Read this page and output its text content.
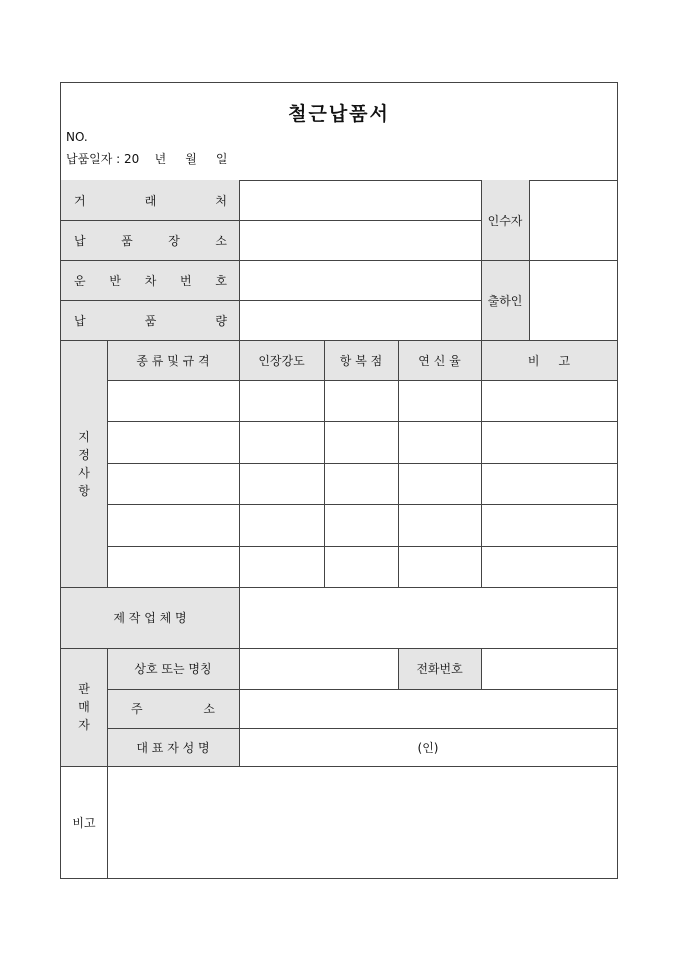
철근납품서
NO.
납품일자 : 20    년     월     일
거	래	처
납	품	장	소
운 반 차 번 호
납	품	량
인수자
출하인
지
정
사
항
종 류 및 규 격	인장강도	항 복 점	연 신 율	비     고
제 작 업 체 명
판
매
자
상호 또는 명칭	전화번호
주	소
대 표 자 성 명	(인)
비고
